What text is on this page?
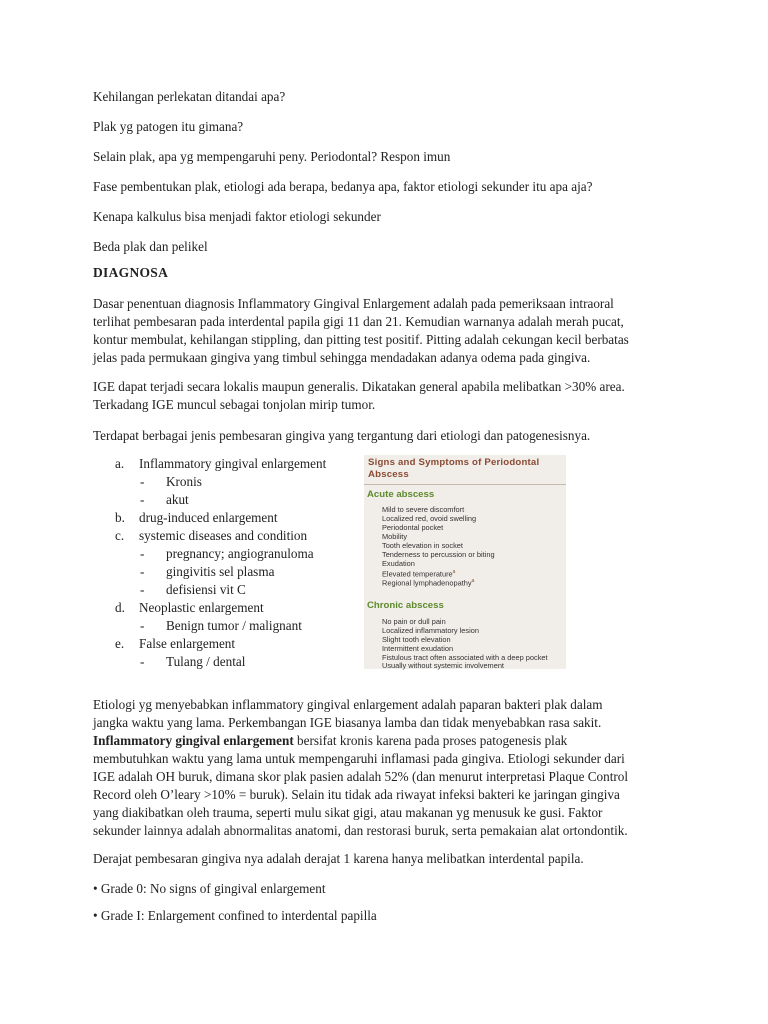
Kehilangan perlekatan ditandai apa?

Plak yg patogen itu gimana?

Selain plak, apa yg mempengaruhi peny. Periodontal? Respon imun

Fase pembentukan plak, etiologi ada berapa, bedanya apa, faktor etiologi sekunder itu apa aja?

Kenapa kalkulus bisa menjadi faktor etiologi sekunder

Beda plak dan pelikel

DIAGNOSA
Dasar penentuan diagnosis Inflammatory Gingival Enlargement adalah pada pemeriksaan intraoral
terlihat pembesaran pada interdental papila gigi 11 dan 21. Kemudian warnanya adalah merah pucat,
kontur membulat, kehilangan stippling, dan pitting test positif. Pitting adalah cekungan kecil berbatas
jelas pada permukaan gingiva yang timbul sehingga mendadakan adanya odema pada gingiva.
IGE dapat terjadi secara lokalis maupun generalis. Dikatakan general apabila melibatkan >30% area.
Terkadang IGE muncul sebagai tonjolan mirip tumor.
Terdapat berbagai jenis pembesaran gingiva yang tergantung dari etiologi dan patogenesisnya.
a. Inflammatory gingival enlargement
- Kronis
- akut
b. drug-induced enlargement
c. systemic diseases and condition
- pregnancy; angiogranuloma
- gingivitis sel plasma
- defisiensi vit C
d. Neoplastic enlargement
- Benign tumor / malignant
e. False enlargement
- Tulang / dental
Signs and Symptoms of Periodontal Abscess
Acute abscess
Mild to severe discomfort
Localized red, ovoid swelling
Periodontal pocket
Mobility
Tooth elevation in socket
Tenderness to percussion or biting
Exudation
Elevated temperature$^a$
Regional lymphadenopathy$^a$
Chronic abscess
No pain or dull pain
Localized inflammatory lesion
Slight tooth elevation
Intermittent exudation
Fistulous tract often associated with a deep pocket
Usually without systemic involvement
Etiologi yg menyebabkan inflammatory gingival enlargement adalah paparan bakteri plak dalam
jangka waktu yang lama. Perkembangan IGE biasanya lamba dan tidak menyebabkan rasa sakit.
Inflammatory gingival enlargement bersifat kronis karena pada proses patogenesis plak
membutuhkan waktu yang lama untuk mempengaruhi inflamasi pada gingiva. Etiologi sekunder dari
IGE adalah OH buruk, dimana skor plak pasien adalah 52% (dan menurut interpretasi Plaque Control
Record oleh O’leary >10% = buruk). Selain itu tidak ada riwayat infeksi bakteri ke jaringan gingiva
yang diakibatkan oleh trauma, seperti mulu sikat gigi, atau makanan yg menusuk ke gusi. Faktor
sekunder lainnya adalah abnormalitas anatomi, dan restorasi buruk, serta pemakaian alat ortondontik.
Derajat pembesaran gingiva nya adalah derajat 1 karena hanya melibatkan interdental papila.

• Grade 0: No signs of gingival enlargement

• Grade I: Enlargement confined to interdental papilla
